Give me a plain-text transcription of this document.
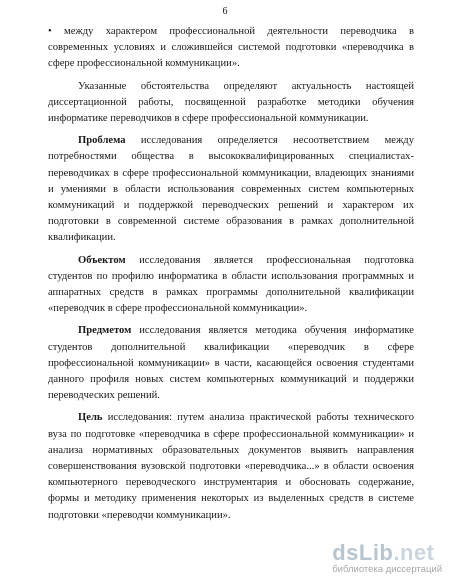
6

• между характером профессиональной деятельности переводчика в современных условиях и сложившейся системой подготовки «переводчика в сфере профессиональной коммуникации».

Указанные обстоятельства определяют актуальность настоящей диссертационной работы, посвященной разработке методики обучения информатике переводчиков в сфере профессиональной коммуникации.

Проблема исследования определяется несоответствием между потребностями общества в высококвалифицированных специалистах-переводчиках в сфере профессиональной коммуникации, владеющих знаниями и умениями в области использования современных систем компьютерных коммуникаций и поддержкой переводческих решений и характером их подготовки в современной системе образования в рамках дополнительной квалификации.

Объектом исследования является профессиональная подготовка студентов по профилю информатика в области использования программных и аппаратных средств в рамках программы дополнительной квалификации «переводчик в сфере профессиональной коммуникации».

Предметом исследования является методика обучения информатике студентов дополнительной квалификации «переводчик в сфере профессиональной коммуникации» в части, касающейся освоения студентами данного профиля новых систем компьютерных коммуникаций и поддержки переводческих решений.

Цель исследования: путем анализа практической работы технического вуза по подготовке «переводчика в сфере профессиональной коммуникации» и анализа нормативных образовательных документов выявить направления совершенствования вузовской подготовки «переводчика...» в области освоения компьютерного переводческого инструментария и обосновать содержание, формы и методику применения некоторых из выделенных средств в системе подготовки «переводчи коммуникации».

dsLib.net
библиотека диссертаций
